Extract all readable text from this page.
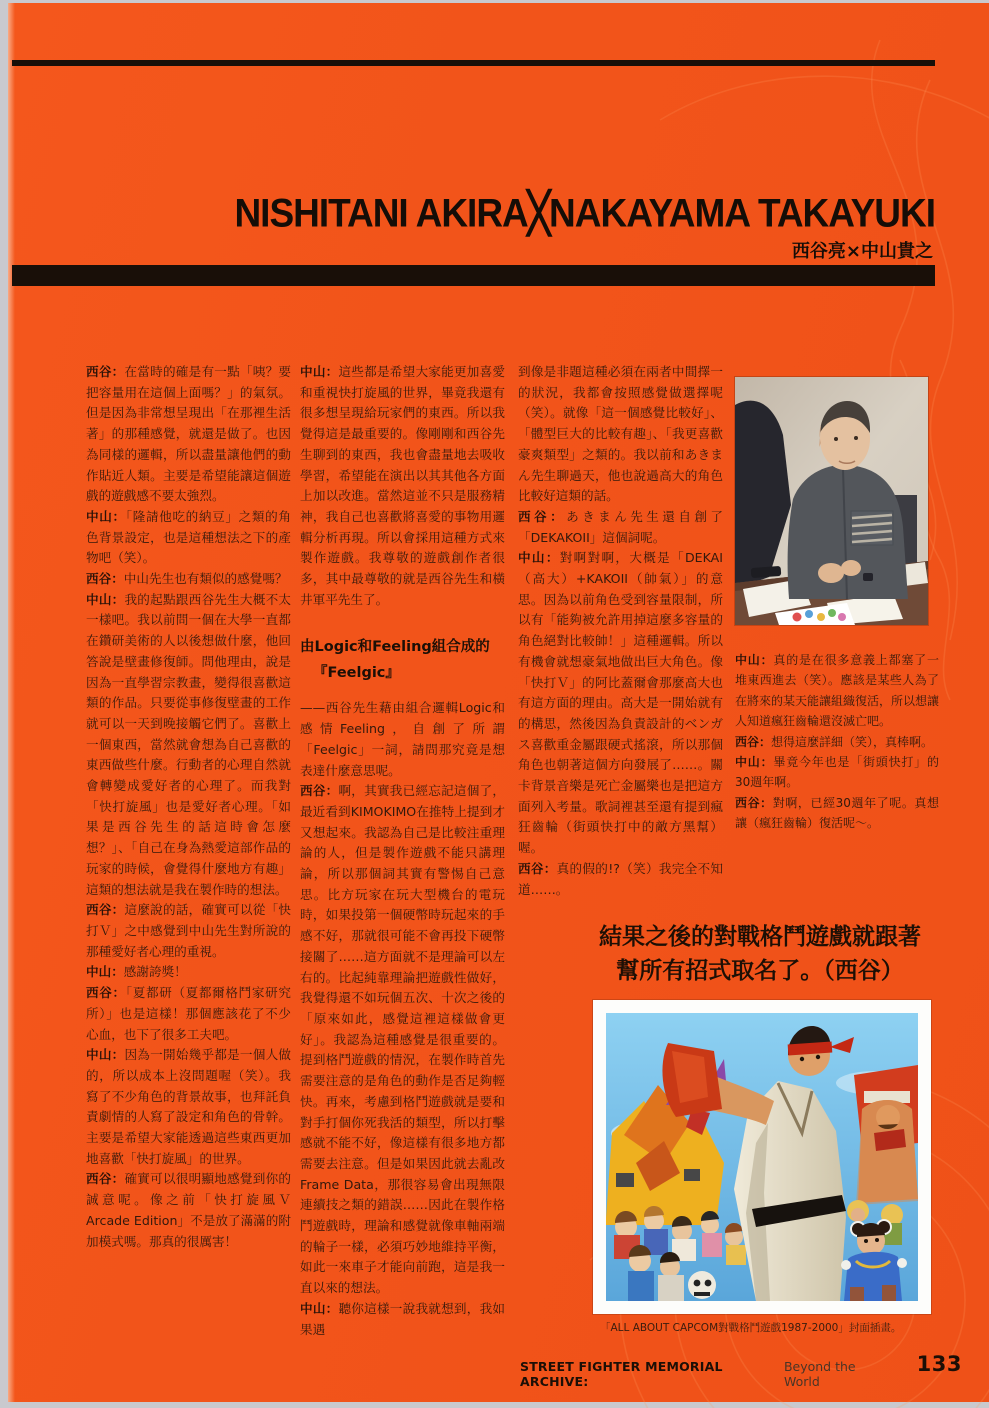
NISHITANI AKIRA╳NAKAYAMA TAKAYUKI
西谷亮×中山貴之

西谷：在當時的確是有一點「咦？要把容量用在這個上面嗎？」的氣氛。但是因為非常想呈現出「在那裡生活著」的那種感覺，就還是做了。也因為同樣的邏輯，所以盡量讓他們的動作貼近人類。主要是希望能讓這個遊戲的遊戲感不要太強烈。

中山：「隆請他吃的納豆」之類的角色背景設定，也是這種想法之下的產物吧（笑）。

西谷：中山先生也有類似的感覺嗎？

中山：我的起點跟西谷先生大概不太一樣吧。我以前問一個在大學一直都在鑽研美術的人以後想做什麼，他回答說是壁畫修復師。問他理由，說是因為一直學習宗教畫，變得很喜歡這類的作品。只要從事修復壁畫的工作就可以一天到晚接觸它們了。喜歡上一個東西，當然就會想為自己喜歡的東西做些什麼。行動者的心理自然就會轉變成愛好者的心理了。而我對「快打旋風」也是愛好者心理。「如果是西谷先生的話這時會怎麼想？」、「自己在身為熱愛這部作品的玩家的時候，會覺得什麼地方有趣」這類的想法就是我在製作時的想法。

西谷：這麼說的話，確實可以從「快打Ｖ」之中感覺到中山先生對所說的那種愛好者心理的重視。

中山：感謝誇獎！

西谷：「夏都研（夏都爾格鬥家研究所）」也是這樣！那個應該花了不少心血，也下了很多工夫吧。

中山：因為一開始幾乎都是一個人做的，所以成本上沒問題喔（笑）。我寫了不少角色的背景故事，也拜託負責劇情的人寫了設定和角色的骨幹。主要是希望大家能透過這些東西更加地喜歡「快打旋風」的世界。

西谷：確實可以很明顯地感覺到你的誠意呢。像之前「快打旋風Ｖ Arcade Edition」不是放了滿滿的附加模式嗎。那真的很厲害！

中山：這些都是希望大家能更加喜愛和重視快打旋風的世界，畢竟我還有很多想呈現給玩家們的東西。所以我覺得這是最重要的。像剛剛和西谷先生聊到的東西，我也會盡量地去吸收學習，希望能在演出以其其他各方面上加以改進。當然這並不只是服務精神，我自己也喜歡將喜愛的事物用邏輯分析再現。所以會採用這種方式來製作遊戲。我尊敬的遊戲創作者很多，其中最尊敬的就是西谷先生和橫井軍平先生了。

由Logic和Feeling組合成的
『Feelgic』

——西谷先生藉由組合邏輯Logic和感情Feeling，自創了所謂「Feelgic」一詞，請問那究竟是想表達什麼意思呢。

西谷：啊，其實我已經忘記這個了，最近看到KIMOKIMO在推特上提到才又想起來。我認為自己是比較注重理論的人，但是製作遊戲不能只講理論，所以那個詞其實有警惕自己意思。比方玩家在玩大型機台的電玩時，如果投第一個硬幣時玩起來的手感不好，那就很可能不會再投下硬幣接關了……這方面就不是理論可以左右的。比起純靠理論把遊戲性做好，我覺得還不如玩個五次、十次之後的「原來如此，感覺這裡這樣做會更好」。我認為這種感覺是很重要的。提到格鬥遊戲的情況，在製作時首先需要注意的是角色的動作是否足夠輕快。再來，考慮到格鬥遊戲就是要和對手打個你死我活的類型，所以打擊感就不能不好，像這樣有很多地方都需要去注意。但是如果因此就去亂改Frame Data，那很容易會出現無限連續技之類的錯誤……因此在製作格鬥遊戲時，理論和感覺就像車軸兩端的輪子一樣，必須巧妙地維持平衡，如此一來車子才能向前跑，這是我一直以來的想法。

中山：聽你這樣一說我就想到，我如果遇

到像是非題這種必須在兩者中間擇一的狀況，我都會按照感覺做選擇呢（笑）。就像「這一個感覺比較好」、「體型巨大的比較有趣」、「我更喜歡豪爽類型」之類的。我以前和あきまん先生聊過天，他也說過高大的角色比較好這類的話。

西谷：あきまん先生還自創了「DEKAKOII」這個詞呢。

中山：對啊對啊，大概是「DEKAI（高大）+KAKOII（帥氣）」的意思。因為以前角色受到容量限制，所以有「能夠被允許用掉這麼多容量的角色絕對比較帥！」這種邏輯。所以有機會就想豪氣地做出巨大角色。像「快打Ｖ」的阿比蓋爾會那麼高大也有這方面的理由。高大是一開始就有的構思，然後因為負責設計的ベンガス喜歡重金屬跟硬式搖滾，所以那個角色也朝著這個方向發展了……。關卡背景音樂是死亡金屬樂也是把這方面列入考量。歌詞裡甚至還有提到瘋狂齒輪（街頭快打中的敵方黑幫）喔。

西谷：真的假的!?（笑）我完全不知道……。

中山：真的是在很多意義上都塞了一堆東西進去（笑）。應該是某些人為了在將來的某天能讓組織復活，所以想讓人知道瘋狂齒輪還沒滅亡吧。

西谷：想得這麼詳細（笑），真棒啊。

中山：畢竟今年也是「街頭快打」的30週年啊。

西谷：對啊，已經30週年了呢。真想讓（瘋狂齒輪）復活呢～。

結果之後的對戰格鬥遊戲就跟著
幫所有招式取名了。（西谷）
「ALL ABOUT CAPCOM對戰格鬥遊戲1987-2000」封面插畫。
STREET FIGHTER MEMORIAL ARCHIVE:
Beyond the World
133
